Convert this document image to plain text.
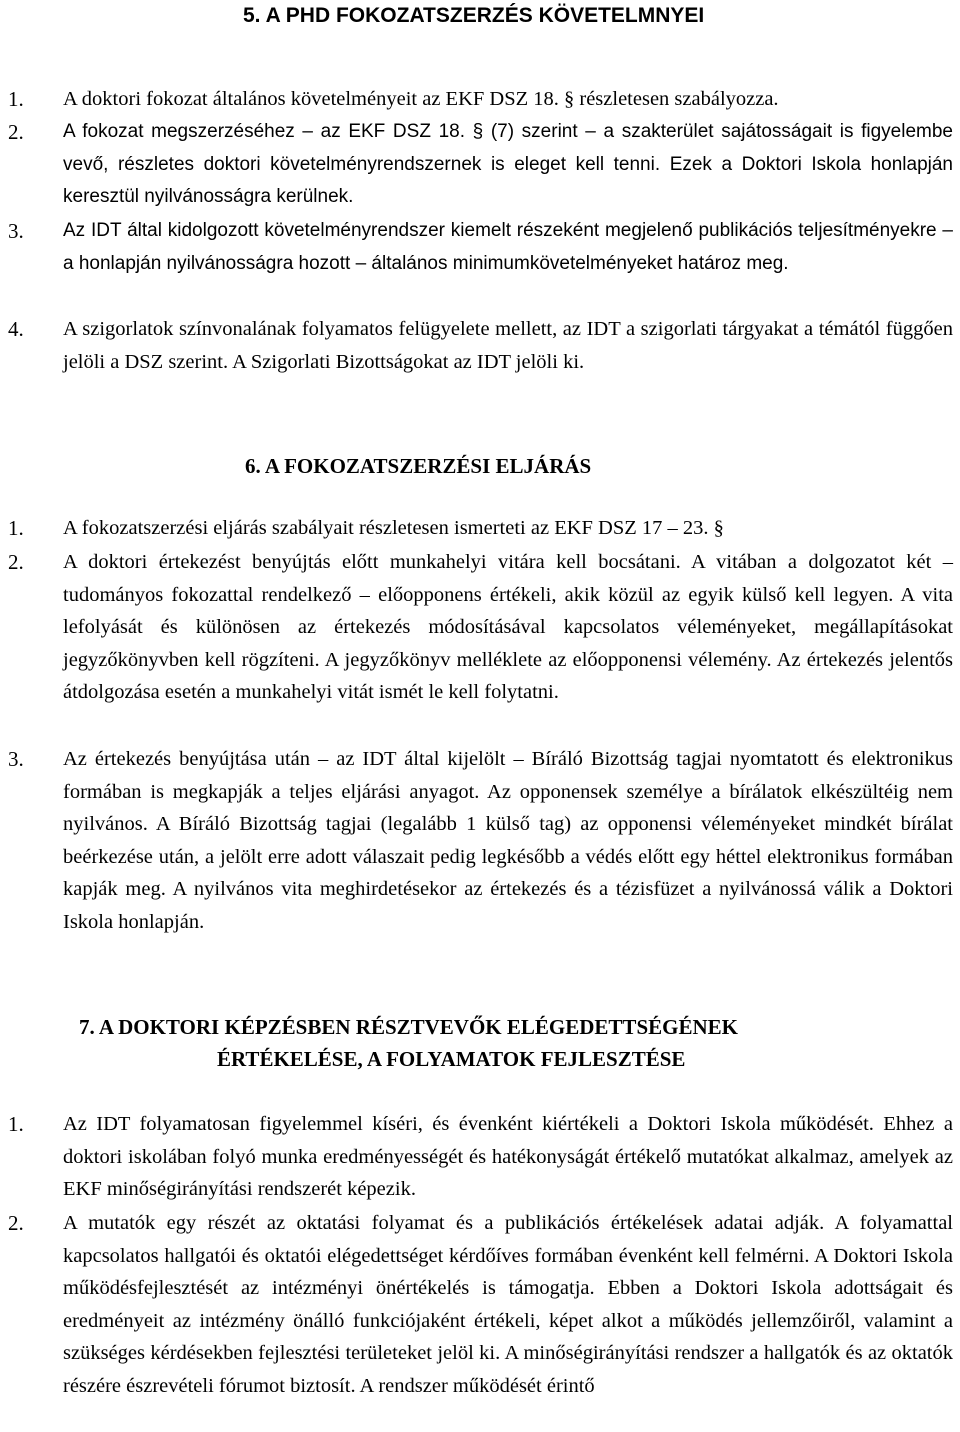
5. A PHD FOKOZATSZERZÉS KÖVETELMNYEI
1. A doktori fokozat általános követelményeit az EKF DSZ 18. § részletesen szabályozza.
2. A fokozat megszerzéséhez – az EKF DSZ 18. § (7) szerint – a szakterület sajátosságait is figyelembe vevő, részletes doktori követelményrendszernek is eleget kell tenni. Ezek a Doktori Iskola honlapján keresztül nyilvánosságra kerülnek.
3. Az IDT által kidolgozott követelményrendszer kiemelt részeként megjelenő publikációs teljesítményekre – a honlapján nyilvánosságra hozott – általános minimumkövetelményeket határoz meg.
4. A szigorlatok színvonalának folyamatos felügyelete mellett, az IDT a szigorlati tárgyakat a témától függően jelöli a DSZ szerint. A Szigorlati Bizottságokat az IDT jelöli ki.
6. A FOKOZATSZERZÉSI ELJÁRÁS
1. A fokozatszerzési eljárás szabályait részletesen ismerteti az EKF DSZ 17 – 23. §
2. A doktori értekezést benyújtás előtt munkahelyi vitára kell bocsátani. A vitában a dolgozatot két – tudományos fokozattal rendelkező – előopponens értékeli, akik közül az egyik külső kell legyen. A vita lefolyását és különösen az értekezés módosításával kapcsolatos véleményeket, megállapításokat jegyzőkönyvben kell rögzíteni. A jegyzőkönyv melléklete az előopponensi vélemény. Az értekezés jelentős átdolgozása esetén a munkahelyi vitát ismét le kell folytatni.
3. Az értekezés benyújtása után – az IDT által kijelölt – Bíráló Bizottság tagjai nyomtatott és elektronikus formában is megkapják a teljes eljárási anyagot. Az opponensek személye a bírálatok elkészültéig nem nyilvános. A Bíráló Bizottság tagjai (legalább 1 külső tag) az opponensi véleményeket mindkét bírálat beérkezése után, a jelölt erre adott válaszait pedig legkésőbb a védés előtt egy héttel elektronikus formában kapják meg. A nyilvános vita meghirdetésekor az értekezés és a tézisfüzet a nyilvánossá válik a Doktori Iskola honlapján.
7. A DOKTORI KÉPZÉSBEN RÉSZTVEVŐK ELÉGEDETTSÉGÉNEK
ÉRTÉKELÉSE, A FOLYAMATOK FEJLESZTÉSE
1. Az IDT folyamatosan figyelemmel kíséri, és évenként kiértékeli a Doktori Iskola működését. Ehhez a doktori iskolában folyó munka eredményességét és hatékonyságát értékelő mutatókat alkalmaz, amelyek az EKF minőségirányítási rendszerét képezik.
2. A mutatók egy részét az oktatási folyamat és a publikációs értékelések adatai adják. A folyamattal kapcsolatos hallgatói és oktatói elégedettséget kérdőíves formában évenként kell felmérni. A Doktori Iskola működésfejlesztését az intézményi önértékelés is támogatja. Ebben a Doktori Iskola adottságait és eredményeit az intézmény önálló funkciójaként értékeli, képet alkot a működés jellemzőiről, valamint a szükséges kérdésekben fejlesztési területeket jelöl ki. A minőségirányítási rendszer a hallgatók és az oktatók részére észrevételi fórumot biztosít. A rendszer működését érintő
